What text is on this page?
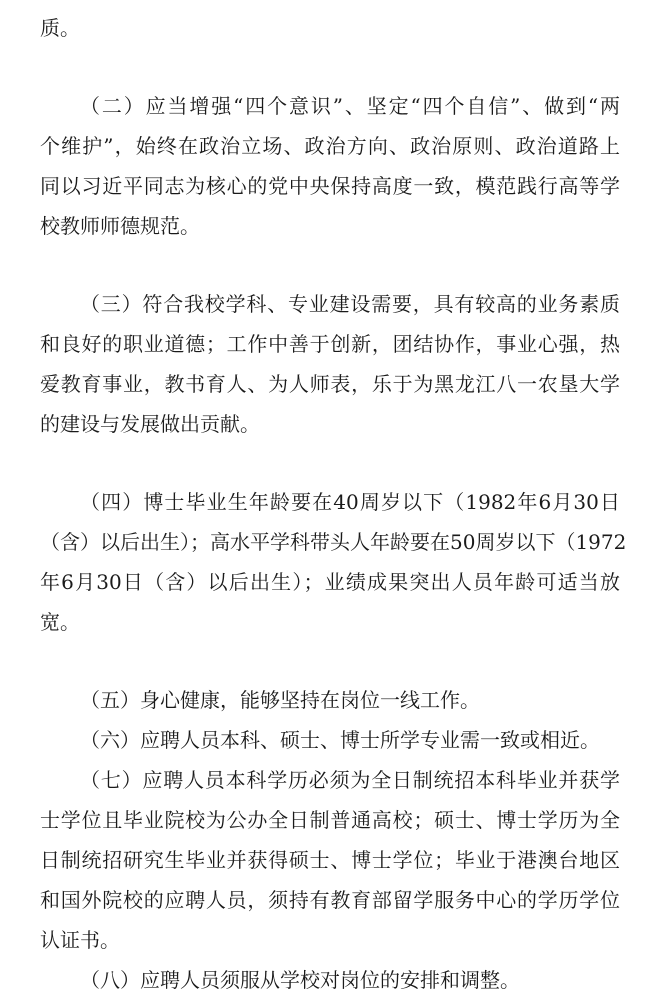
质。
（二）应当增强“四个意识”、坚定“四个自信”、做到“两
个维护”，始终在政治立场、政治方向、政治原则、政治道路上
同以习近平同志为核心的党中央保持高度一致，模范践行高等学
校教师师德规范。
（三）符合我校学科、专业建设需要，具有较高的业务素质
和良好的职业道德；工作中善于创新，团结协作，事业心强，热
爱教育事业，教书育人、为人师表，乐于为黑龙江八一农垦大学
的建设与发展做出贡献。
（四）博士毕业生年龄要在40周岁以下（1982年6月30日
（含）以后出生）；高水平学科带头人年龄要在50周岁以下（1972
年6月30日（含）以后出生）；业绩成果突出人员年龄可适当放
宽。
（五）身心健康，能够坚持在岗位一线工作。
（六）应聘人员本科、硕士、博士所学专业需一致或相近。
（七）应聘人员本科学历必须为全日制统招本科毕业并获学
士学位且毕业院校为公办全日制普通高校；硕士、博士学历为全
日制统招研究生毕业并获得硕士、博士学位；毕业于港澳台地区
和国外院校的应聘人员，须持有教育部留学服务中心的学历学位
认证书。
（八）应聘人员须服从学校对岗位的安排和调整。
